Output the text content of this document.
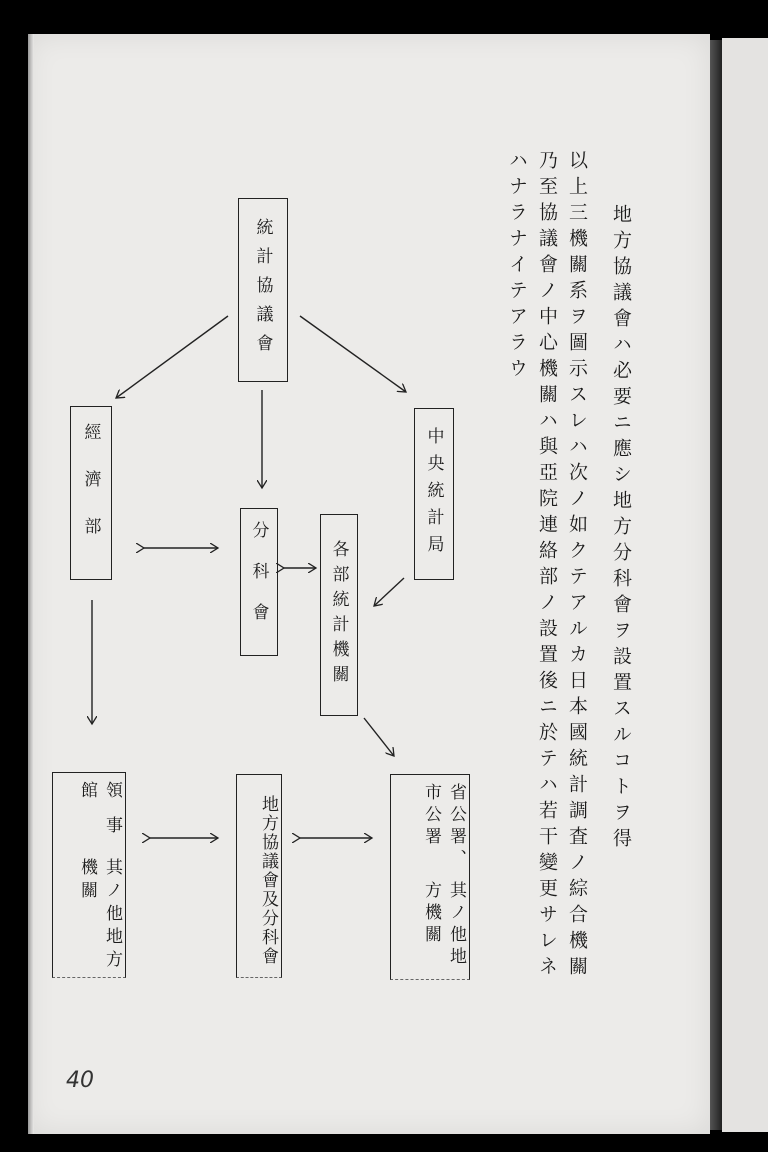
地方協議會ハ必要ニ應シ地方分科會ヲ設置スルコトヲ得
以上三機關系ヲ圖示スレハ次ノ如クテアルカ日本國統計調査ノ綜合機關
乃至協議會ノ中心機關ハ與亞院連絡部ノ設置後ニ於テハ若干變更サレネ
ハナラナイテアラウ
統計協議會
經濟部	中央統計局
分科會	各部統計機關
領事館
其ノ他地方機關	地方協議會及分科會	省公署、市公署
其ノ他地方機關
40
